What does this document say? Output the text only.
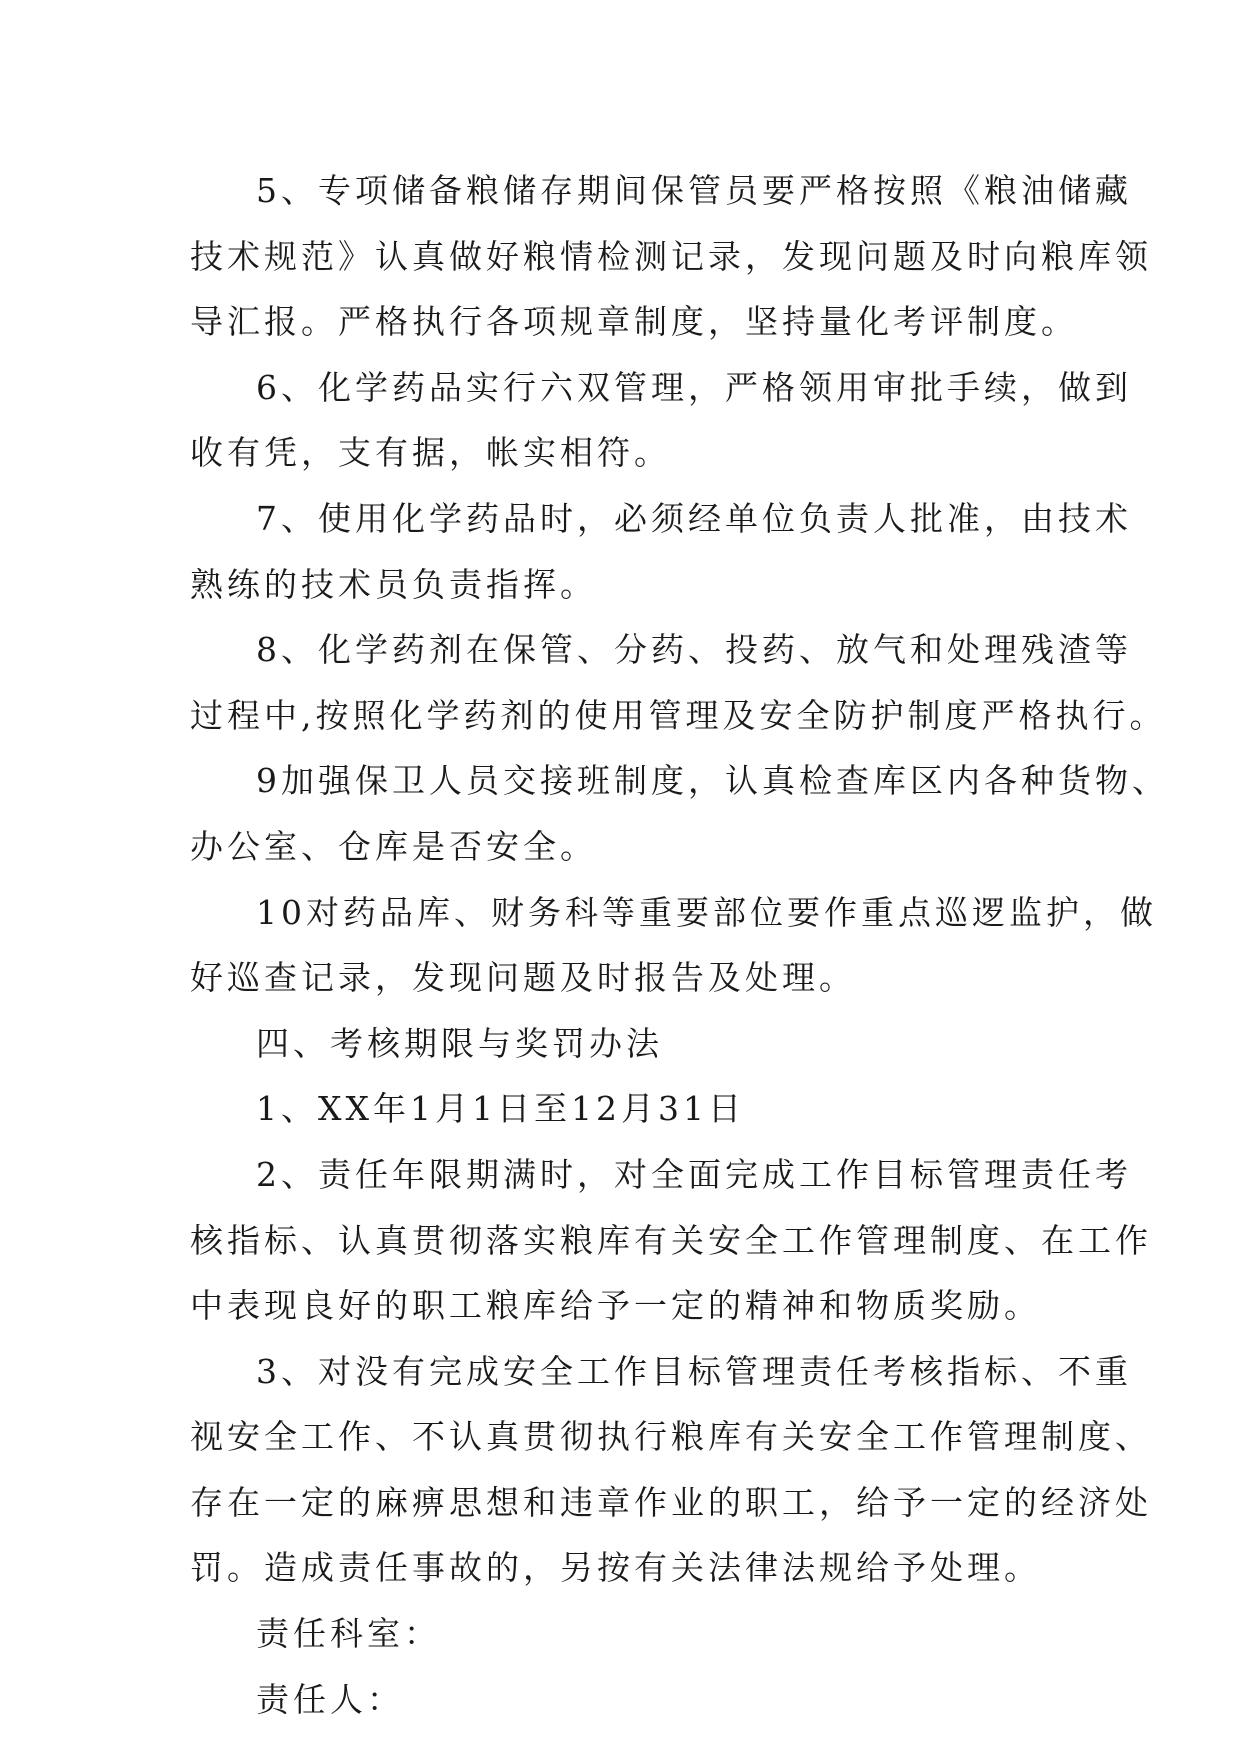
5、专项储备粮储存期间保管员要严格按照《粮油储藏
技术规范》认真做好粮情检测记录，发现问题及时向粮库领
导汇报。严格执行各项规章制度，坚持量化考评制度。
6、化学药品实行六双管理，严格领用审批手续，做到
收有凭，支有据，帐实相符。
7、使用化学药品时，必须经单位负责人批准，由技术
熟练的技术员负责指挥。
8、化学药剂在保管、分药、投药、放气和处理残渣等
过程中,按照化学药剂的使用管理及安全防护制度严格执行。
9加强保卫人员交接班制度，认真检查库区内各种货物、
办公室、仓库是否安全。
10对药品库、财务科等重要部位要作重点巡逻监护，做
好巡查记录，发现问题及时报告及处理。
四、考核期限与奖罚办法
1、XX年1月1日至12月31日
2、责任年限期满时，对全面完成工作目标管理责任考
核指标、认真贯彻落实粮库有关安全工作管理制度、在工作
中表现良好的职工粮库给予一定的精神和物质奖励。
3、对没有完成安全工作目标管理责任考核指标、不重
视安全工作、不认真贯彻执行粮库有关安全工作管理制度、
存在一定的麻痹思想和违章作业的职工，给予一定的经济处
罚。造成责任事故的，另按有关法律法规给予处理。
责任科室：
责任人：
